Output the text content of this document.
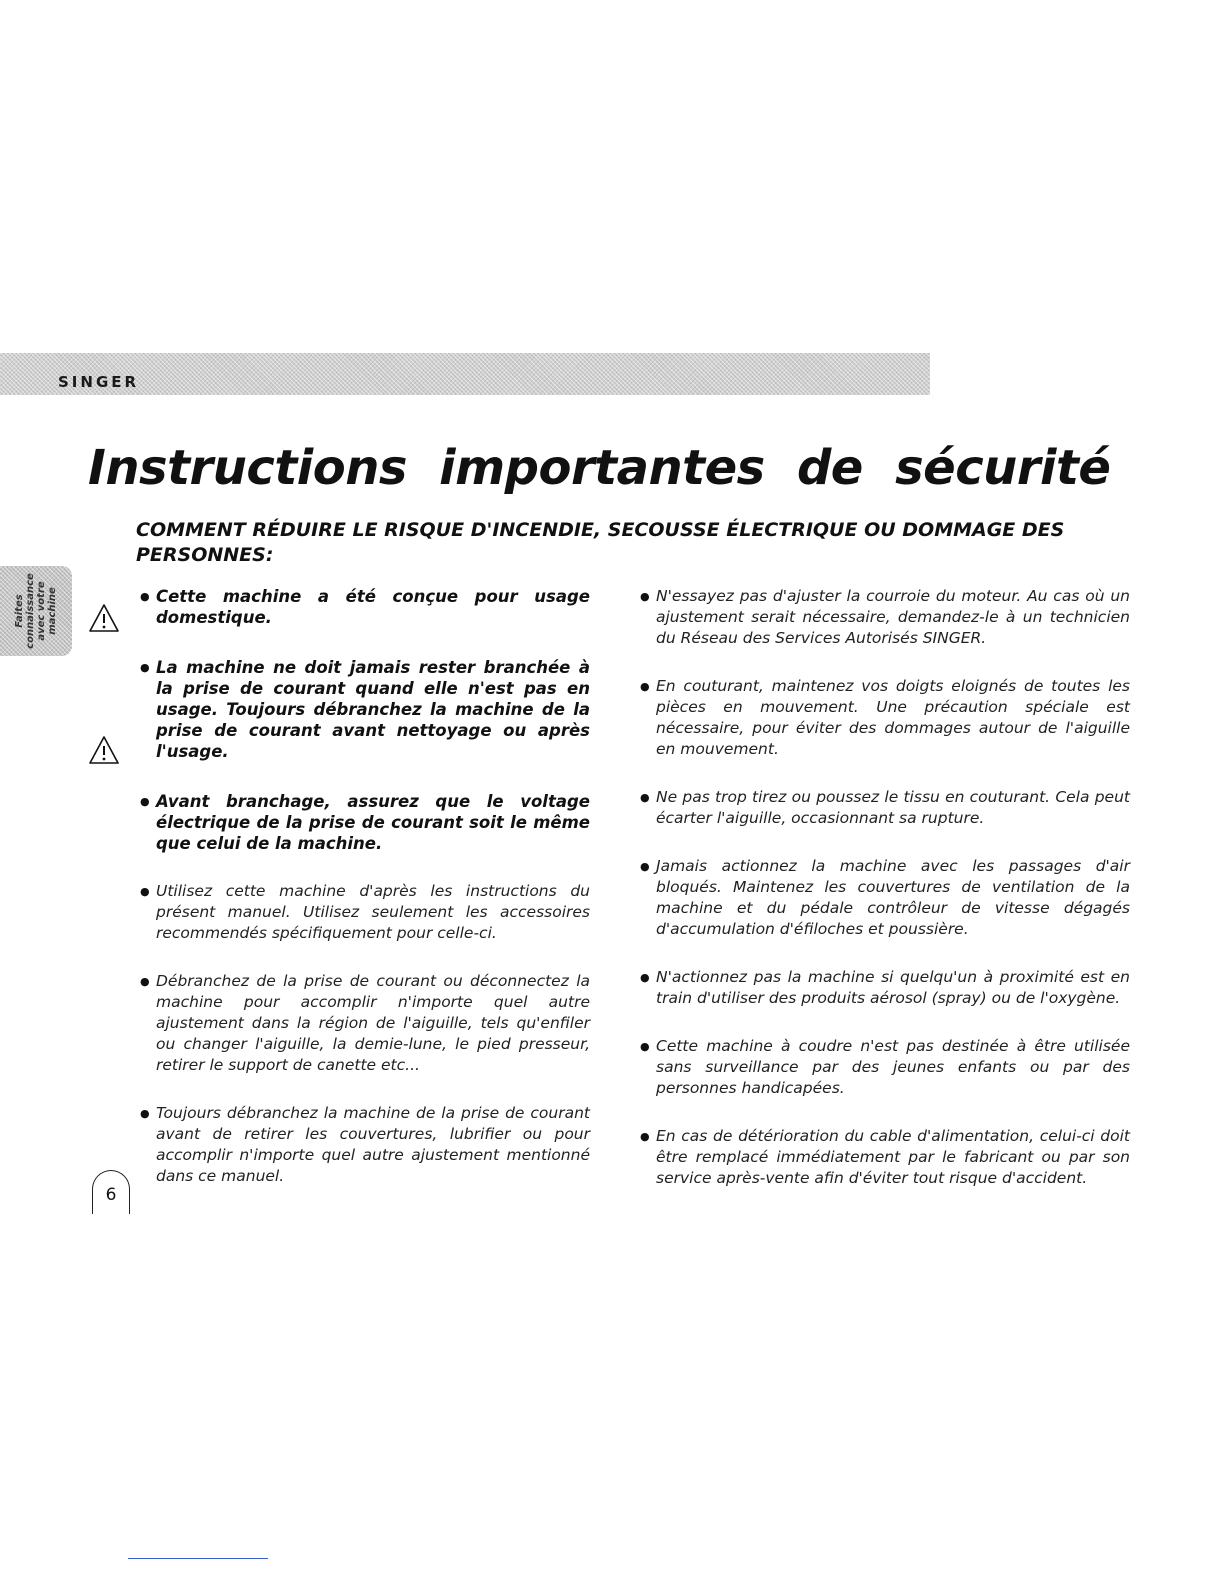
SINGER
Instructions importantes de sécurité
COMMENT RÉDUIRE LE RISQUE D'INCENDIE, SECOUSSE ÉLECTRIQUE OU DOMMAGE DES PERSONNES:
Faites connaissance avec votre machine
●	Cette machine a été conçue pour usage domestique.
● La machine ne doit jamais rester branchée à la prise de courant quand elle n'est pas en usage. Toujours débranchez la machine de la prise de courant avant nettoyage ou après l'usage.
● Avant branchage, assurez que le voltage électrique de la prise de courant soit le même que celui de la machine.
● Utilisez cette machine d'après les instructions du présent manuel. Utilisez seulement les accessoires recommendés spécifiquement pour celle-ci.
● Débranchez de la prise de courant ou déconnectez la machine pour accomplir n'importe quel autre ajustement dans la région de l'aiguille, tels qu'enfiler ou changer l'aiguille, la demie-lune, le pied presseur, retirer le support de canette etc...
● Toujours débranchez la machine de la prise de courant avant de retirer les couvertures, lubrifier ou pour accomplir n'importe quel autre ajustement mentionné dans ce manuel.
● N'essayez pas d'ajuster la courroie du moteur. Au cas où un ajustement serait nécessaire, demandez-le à un technicien du Réseau des Services Autorisés SINGER.
● En couturant, maintenez vos doigts eloignés de toutes les pièces en mouvement. Une précaution spéciale est nécessaire, pour éviter des dommages autour de l'aiguille en mouvement.
● Ne pas trop tirez ou poussez le tissu en couturant. Cela peut écarter l'aiguille, occasionnant sa rupture.
● Jamais actionnez la machine avec les passages d'air bloqués. Maintenez les couvertures de ventilation de la machine et du pédale contrôleur de vitesse dégagés d'accumulation d'éfiloches et poussière.
● N'actionnez pas la machine si quelqu'un à proximité est en train d'utiliser des produits aérosol (spray) ou de l'oxygène.
● Cette machine à coudre n'est pas destinée à être utilisée sans surveillance par des jeunes enfants ou par des personnes handicapées.
● En cas de détérioration du cable d'alimentation, celui-ci doit être remplacé immédiatement par le fabricant ou par son service après-vente afin d'éviter tout risque d'accident.
6
